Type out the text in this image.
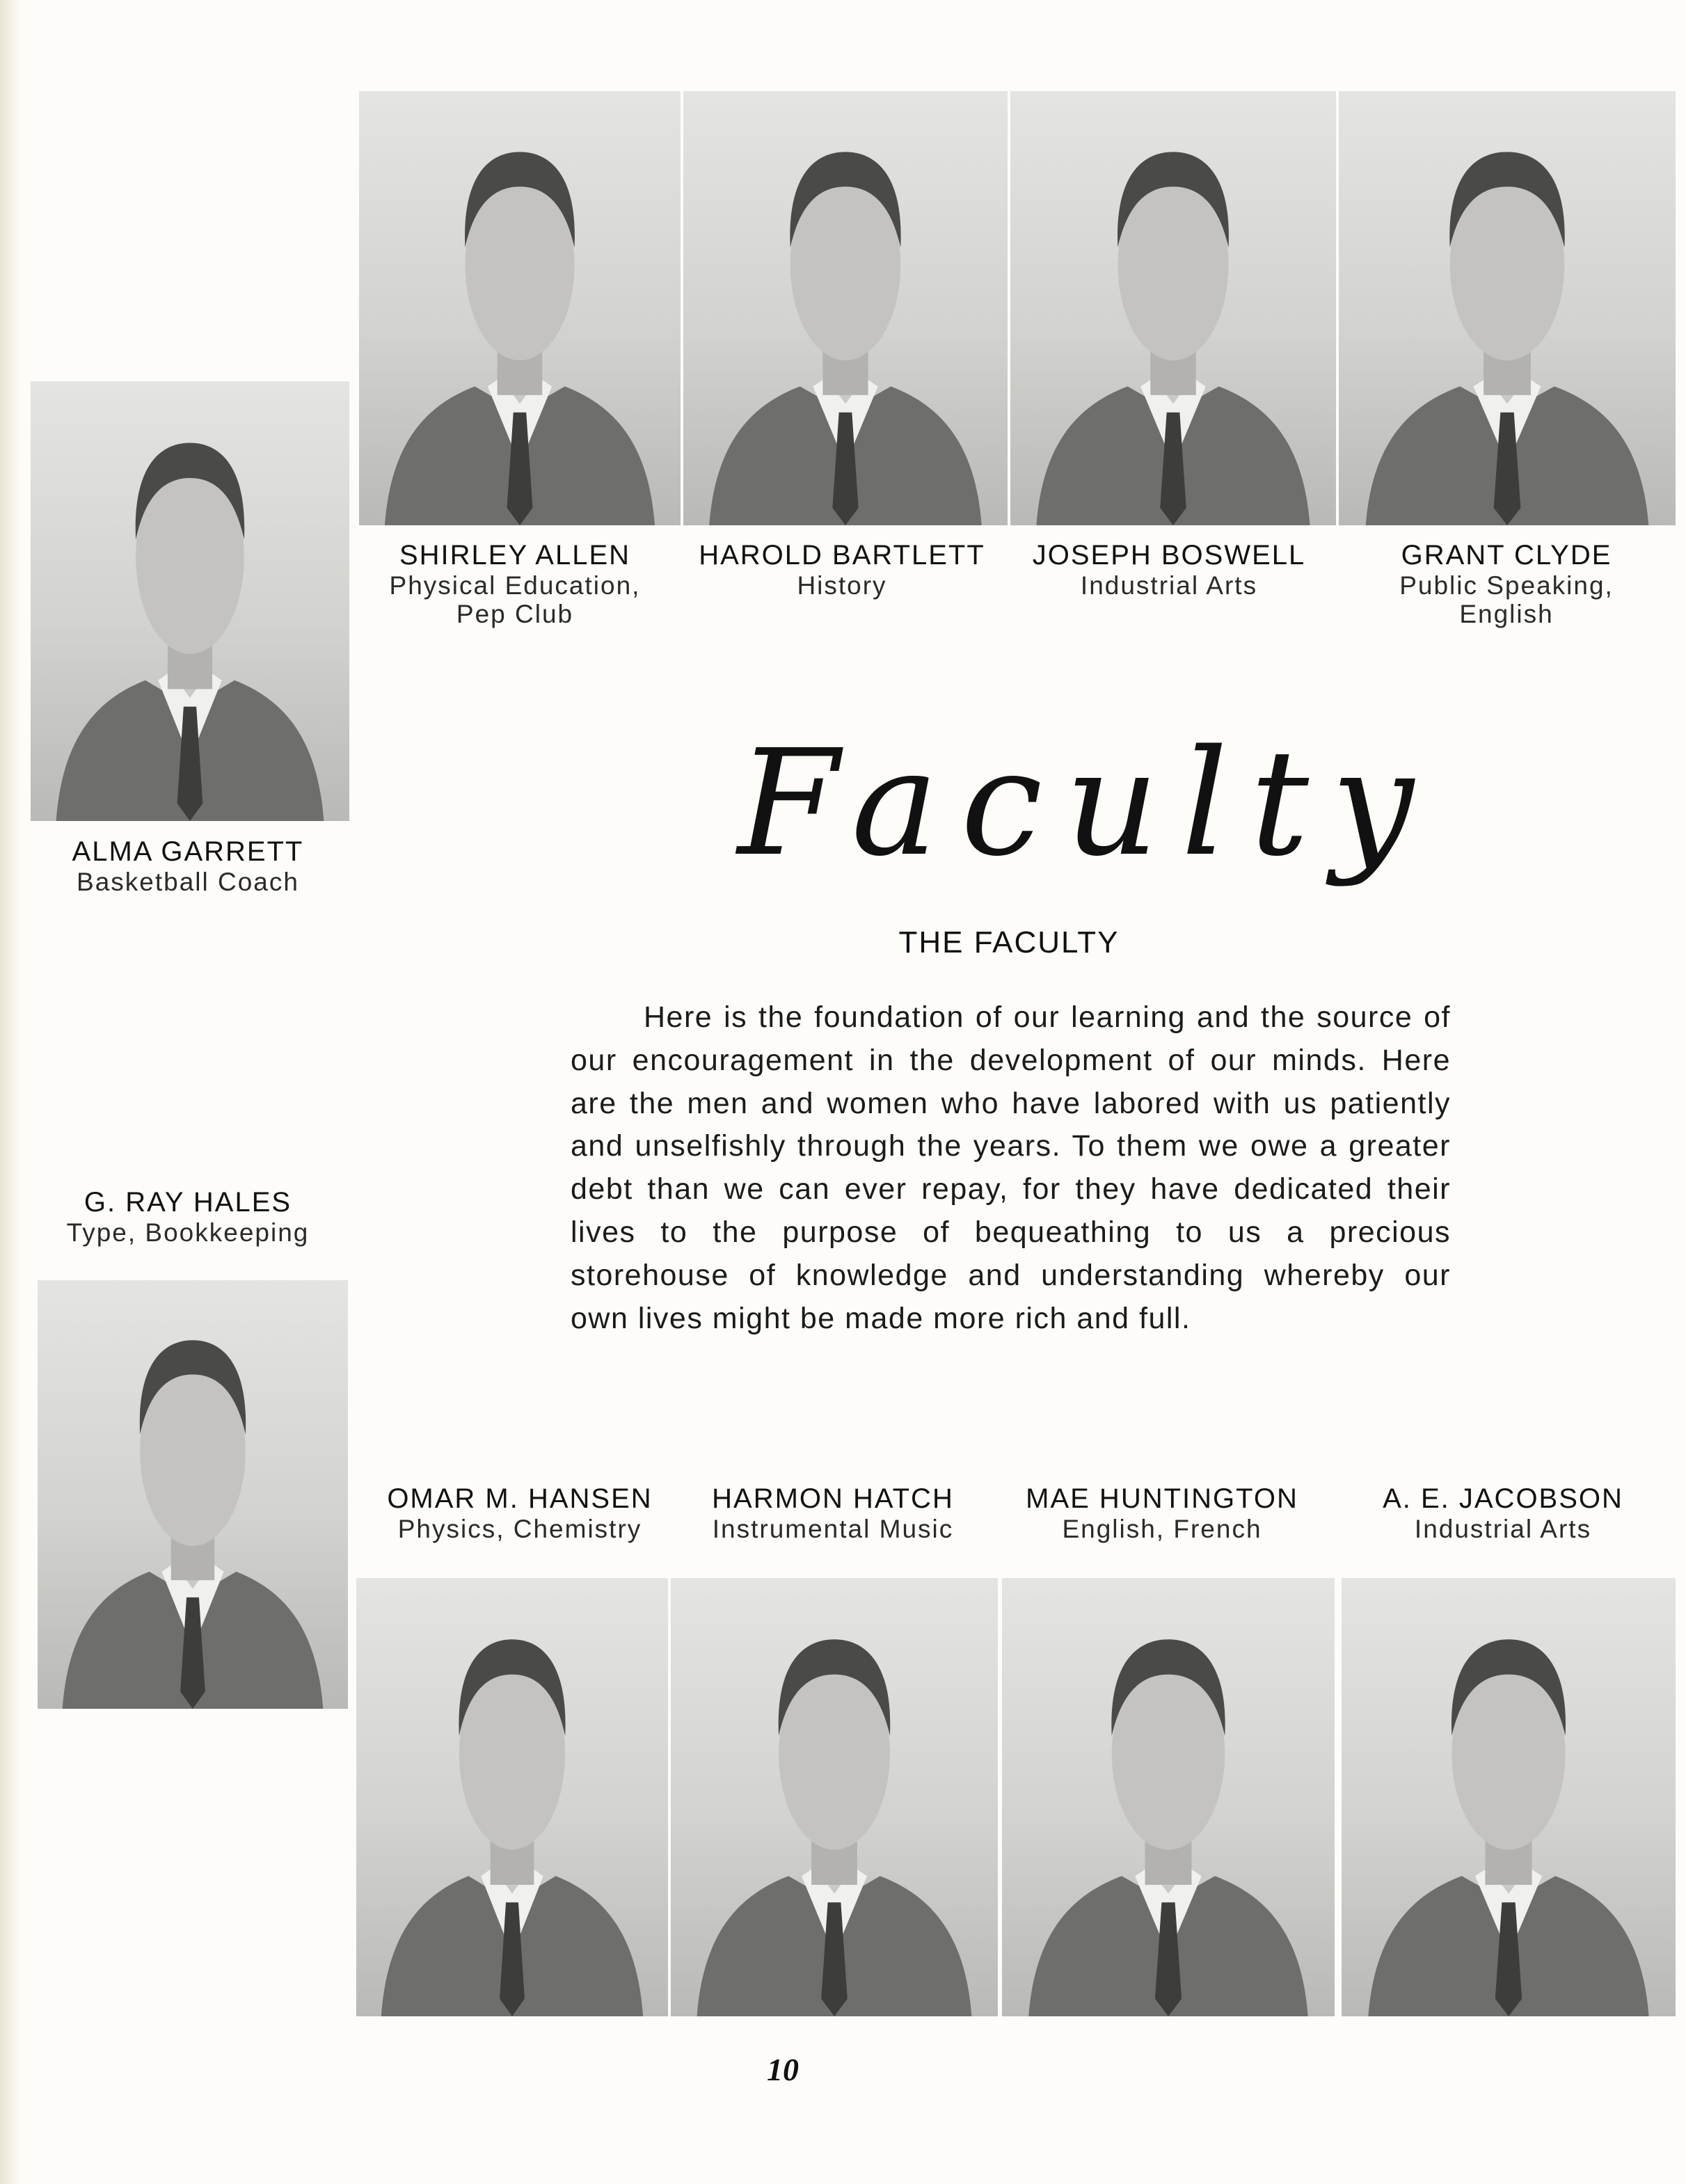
SHIRLEY ALLEN
Physical Education,
Pep Club
HAROLD BARTLETT
History
JOSEPH BOSWELL
Industrial Arts
GRANT CLYDE
Public Speaking,
English
ALMA GARRETT
Basketball Coach
G. RAY HALES
Type, Bookkeeping
Faculty
THE FACULTY
Here is the foundation of our learning and the source of our encouragement in the development of our minds. Here are the men and women who have labored with us patiently and unselfishly through the years. To them we owe a greater debt than we can ever repay, for they have dedicated their lives to the purpose of bequeathing to us a precious storehouse of knowledge and understanding whereby our own lives might be made more rich and full.
OMAR M. HANSEN
Physics, Chemistry
HARMON HATCH
Instrumental Music
MAE HUNTINGTON
English, French
A. E. JACOBSON
Industrial Arts
10
